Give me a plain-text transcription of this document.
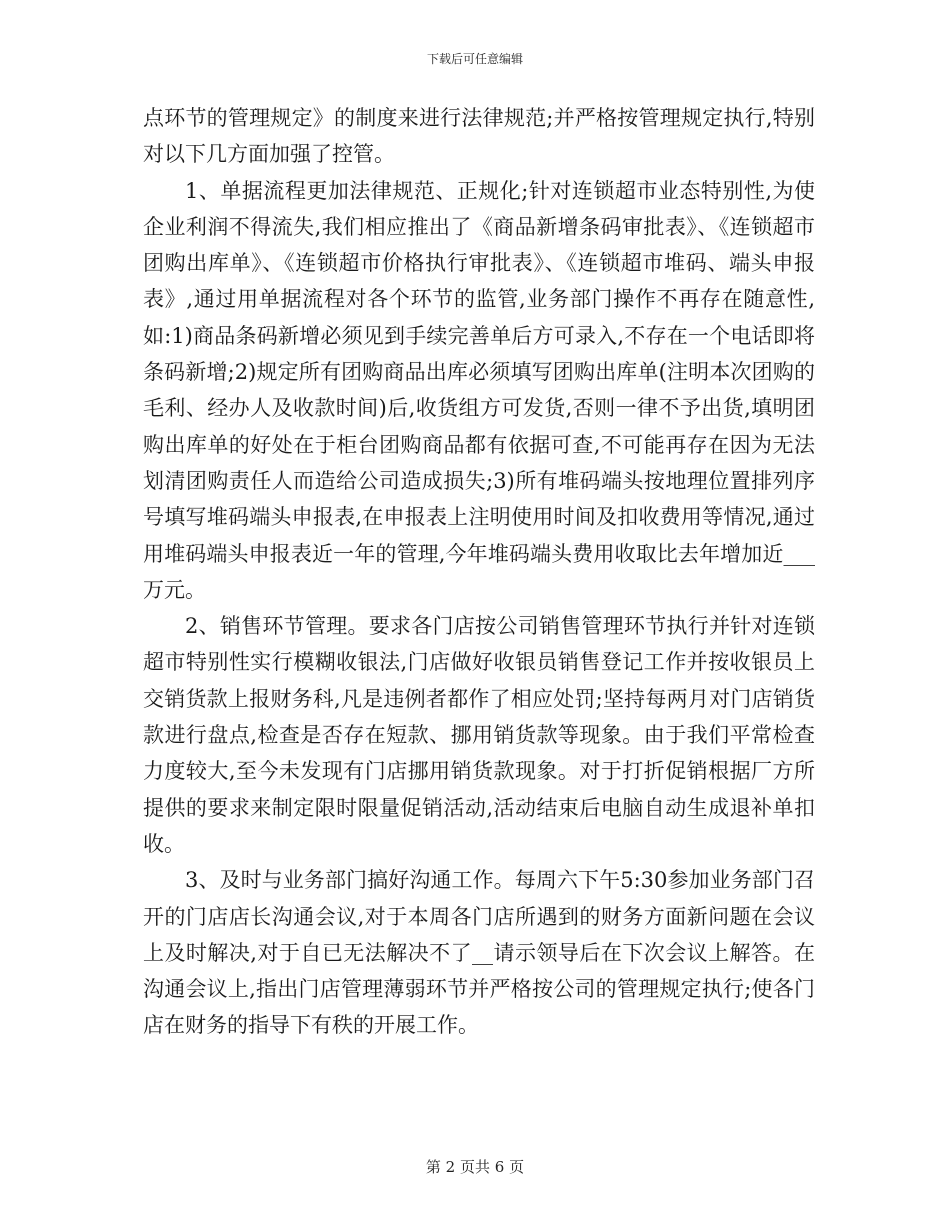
下载后可任意编辑

点环节的管理规定》的制度来进行法律规范;并严格按管理规定执行,特别对以下几方面加强了控管。

1、单据流程更加法律规范、正规化;针对连锁超市业态特别性,为使企业利润不得流失,我们相应推出了《商品新增条码审批表》、《连锁超市团购出库单》、《连锁超市价格执行审批表》、《连锁超市堆码、端头申报表》,通过用单据流程对各个环节的监管,业务部门操作不再存在随意性,如:1)商品条码新增必须见到手续完善单后方可录入,不存在一个电话即将条码新增;2)规定所有团购商品出库必须填写团购出库单(注明本次团购的毛利、经办人及收款时间)后,收货组方可发货,否则一律不予出货,填明团购出库单的好处在于柜台团购商品都有依据可查,不可能再存在因为无法划清团购责任人而造给公司造成损失;3)所有堆码端头按地理位置排列序号填写堆码端头申报表,在申报表上注明使用时间及扣收费用等情况,通过用堆码端头申报表近一年的管理,今年堆码端头费用收取比去年增加近___万元。

2、销售环节管理。要求各门店按公司销售管理环节执行并针对连锁超市特别性实行模糊收银法,门店做好收银员销售登记工作并按收银员上交销货款上报财务科,凡是违例者都作了相应处罚;坚持每两月对门店销货款进行盘点,检查是否存在短款、挪用销货款等现象。由于我们平常检查力度较大,至今未发现有门店挪用销货款现象。对于打折促销根据厂方所提供的要求来制定限时限量促销活动,活动结束后电脑自动生成退补单扣收。

3、及时与业务部门搞好沟通工作。每周六下午5:30参加业务部门召开的门店店长沟通会议,对于本周各门店所遇到的财务方面新问题在会议上及时解决,对于自已无法解决不了__请示领导后在下次会议上解答。在沟通会议上,指出门店管理薄弱环节并严格按公司的管理规定执行;使各门店在财务的指导下有秩的开展工作。

第 2 页共 6 页
